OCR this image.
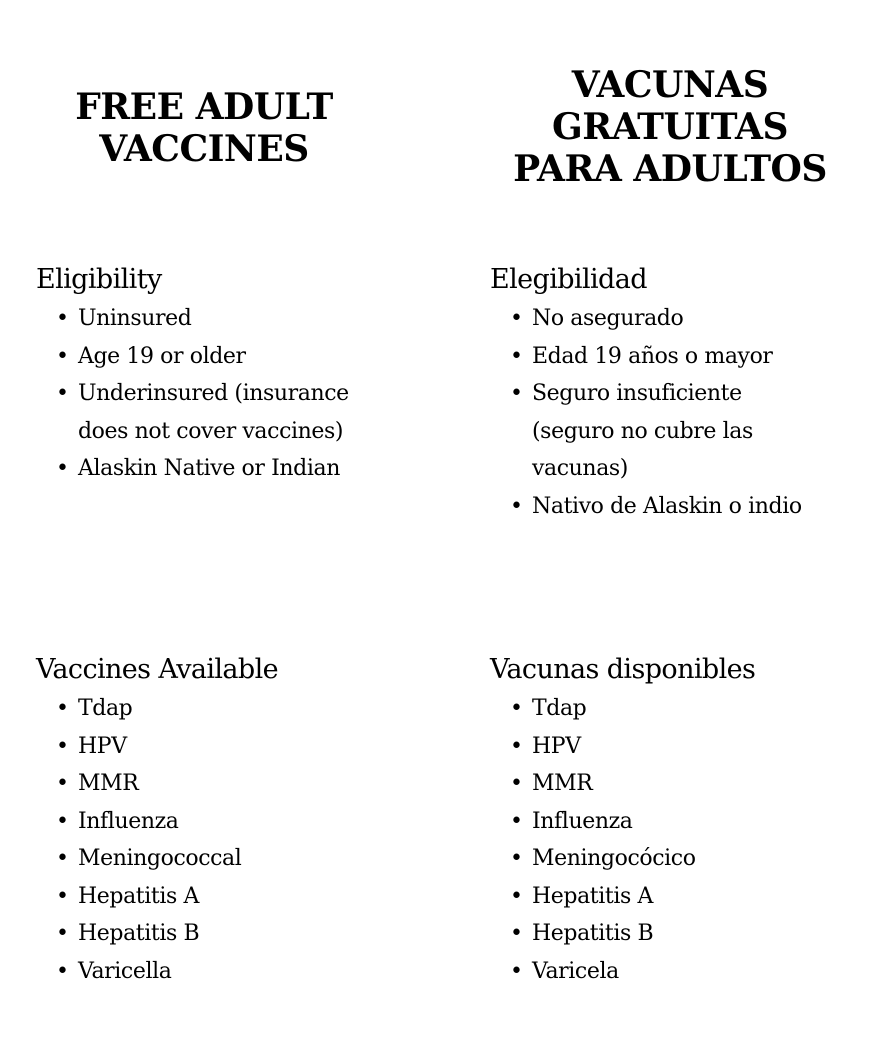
FREE ADULT
VACCINES
Eligibility
• Uninsured
• Age 19 or older
• Underinsured (insurance does not cover vaccines)
• Alaskin Native or Indian
Vaccines Available
• Tdap
• HPV
• MMR
• Influenza
• Meningococcal
• Hepatitis A
• Hepatitis B
• Varicella
VACUNAS
GRATUITAS
PARA ADULTOS
Elegibilidad
• No asegurado
• Edad 19 años o mayor
• Seguro insuficiente (seguro no cubre las vacunas)
• Nativo de Alaskin o indio
Vacunas disponibles
• Tdap
• HPV
• MMR
• Influenza
• Meningocócico
• Hepatitis A
• Hepatitis B
• Varicela
